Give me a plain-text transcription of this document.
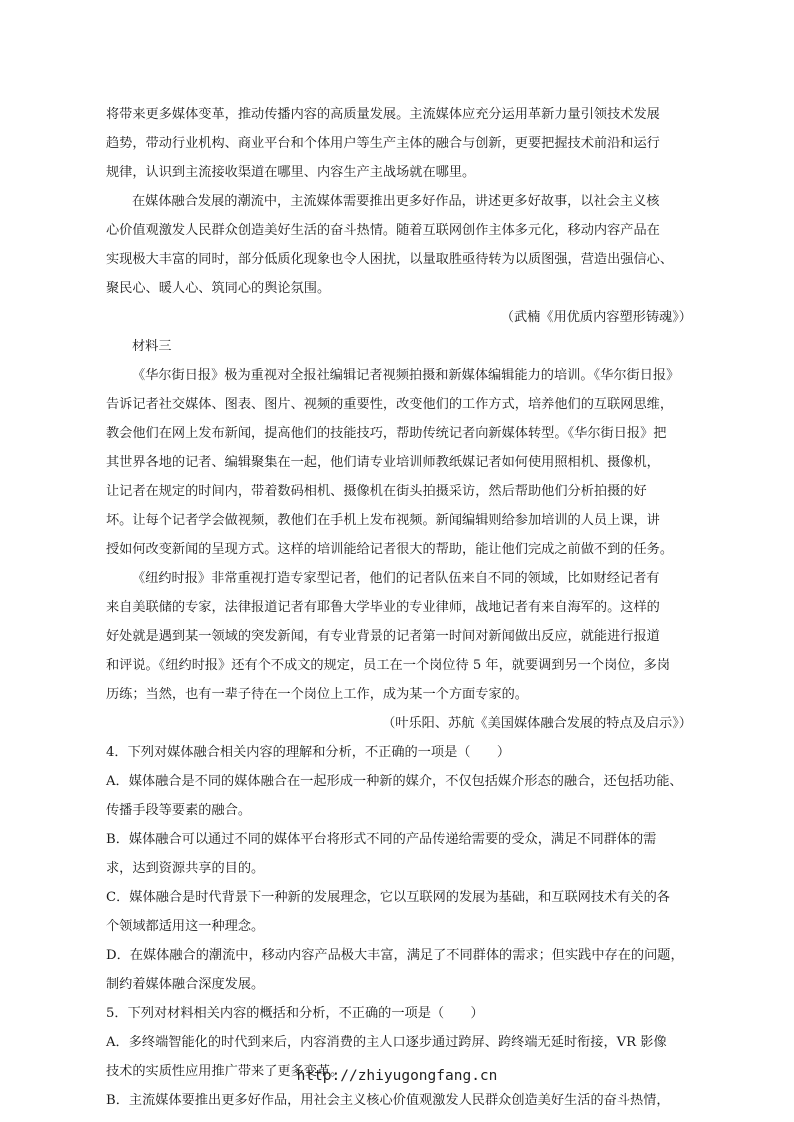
将带来更多媒体变革，推动传播内容的高质量发展。主流媒体应充分运用革新力量引领技术发展

趋势，带动行业机构、商业平台和个体用户等生产主体的融合与创新，更要把握技术前沿和运行

规律，认识到主流接收渠道在哪里、内容生产主战场就在哪里。

在媒体融合发展的潮流中，主流媒体需要推出更多好作品，讲述更多好故事，以社会主义核

心价值观激发人民群众创造美好生活的奋斗热情。随着互联网创作主体多元化，移动内容产品在

实现极大丰富的同时，部分低质化现象也令人困扰，以量取胜亟待转为以质图强，营造出强信心、

聚民心、暖人心、筑同心的舆论氛围。

（武楠《用优质内容塑形铸魂》）

材料三

《华尔街日报》极为重视对全报社编辑记者视频拍摄和新媒体编辑能力的培训。《华尔街日报》

告诉记者社交媒体、图表、图片、视频的重要性，改变他们的工作方式，培养他们的互联网思维，

教会他们在网上发布新闻，提高他们的技能技巧，帮助传统记者向新媒体转型。《华尔街日报》把

其世界各地的记者、编辑聚集在一起，他们请专业培训师教纸媒记者如何使用照相机、摄像机，

让记者在规定的时间内，带着数码相机、摄像机在街头拍摄采访，然后帮助他们分析拍摄的好

坏。让每个记者学会做视频，教他们在手机上发布视频。新闻编辑则给参加培训的人员上课，讲

授如何改变新闻的呈现方式。这样的培训能给记者很大的帮助，能让他们完成之前做不到的任务。

《纽约时报》非常重视打造专家型记者，他们的记者队伍来自不同的领域，比如财经记者有

来自美联储的专家，法律报道记者有耶鲁大学毕业的专业律师，战地记者有来自海军的。这样的

好处就是遇到某一领域的突发新闻，有专业背景的记者第一时间对新闻做出反应，就能进行报道

和评说。《纽约时报》还有个不成文的规定，员工在一个岗位待 5 年，就要调到另一个岗位，多岗

历练；当然，也有一辈子待在一个岗位上工作，成为某一个方面专家的。

（叶乐阳、苏航《美国媒体融合发展的特点及启示》）

4．下列对媒体融合相关内容的理解和分析，不正确的一项是（　　）

A．媒体融合是不同的媒体融合在一起形成一种新的媒介，不仅包括媒介形态的融合，还包括功能、

传播手段等要素的融合。

B．媒体融合可以通过不同的媒体平台将形式不同的产品传递给需要的受众，满足不同群体的需

求，达到资源共享的目的。

C．媒体融合是时代背景下一种新的发展理念，它以互联网的发展为基础，和互联网技术有关的各

个领域都适用这一种理念。

D．在媒体融合的潮流中，移动内容产品极大丰富，满足了不同群体的需求；但实践中存在的问题，

制约着媒体融合深度发展。

5．下列对材料相关内容的概括和分析，不正确的一项是（　　）

A．多终端智能化的时代到来后，内容消费的主人口逐步通过跨屏、跨终端无延时衔接，VR 影像

技术的实质性应用推广带来了更多变革。

B．主流媒体要推出更多好作品，用社会主义核心价值观激发人民群众创造美好生活的奋斗热情，

http://zhiyugongfang.cn
